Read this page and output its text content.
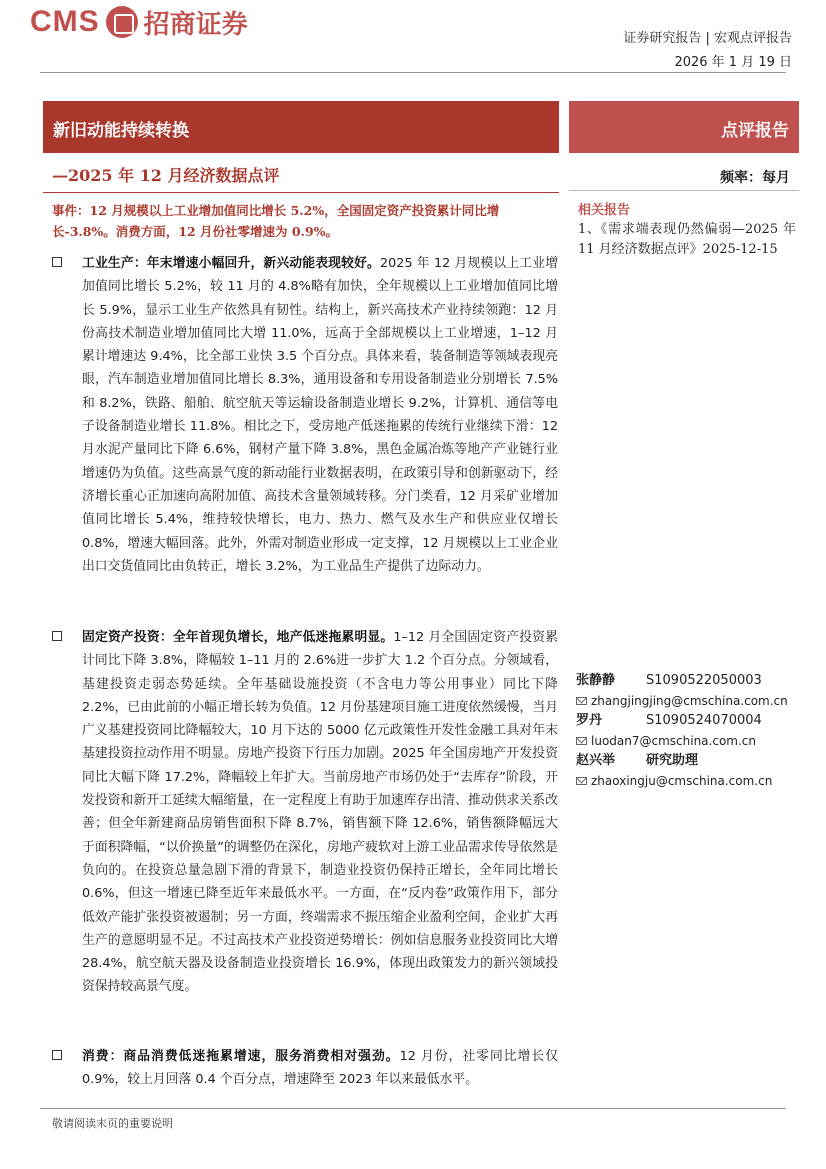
CMS 招商证券	证券研究报告 | 宏观点评报告
2026 年 1 月 19 日
新旧动能持续转换	点评报告
—2025 年 12 月经济数据点评	频率：每月
事件：12 月规模以上工业增加值同比增长 5.2%，全国固定资产投资累计同比增长-3.8%。消费方面，12 月份社零增速为 0.9%。
工业生产：年末增速小幅回升，新兴动能表现较好。2025 年 12 月规模以上工业增加值同比增长 5.2%，较 11 月的 4.8%略有加快，全年规模以上工业增加值同比增长 5.9%，显示工业生产依然具有韧性。结构上，新兴高技术产业持续领跑：12 月份高技术制造业增加值同比大增 11.0%，远高于全部规模以上工业增速，1–12 月累计增速达 9.4%，比全部工业快 3.5 个百分点。具体来看，装备制造等领域表现亮眼，汽车制造业增加值同比增长 8.3%，通用设备和专用设备制造业分别增长 7.5%和 8.2%，铁路、船舶、航空航天等运输设备制造业增长 9.2%，计算机、通信等电子设备制造业增长 11.8%。相比之下，受房地产低迷拖累的传统行业继续下滑：12 月水泥产量同比下降 6.6%，钢材产量下降 3.8%，黑色金属冶炼等地产产业链行业增速仍为负值。这些高景气度的新动能行业数据表明，在政策引导和创新驱动下，经济增长重心正加速向高附加值、高技术含量领域转移。分门类看，12 月采矿业增加值同比增长 5.4%，维持较快增长，电力、热力、燃气及水生产和供应业仅增长 0.8%，增速大幅回落。此外，外需对制造业形成一定支撑，12 月规模以上工业企业出口交货值同比由负转正，增长 3.2%，为工业品生产提供了边际动力。
固定资产投资：全年首现负增长，地产低迷拖累明显。1–12 月全国固定资产投资累计同比下降 3.8%，降幅较 1–11 月的 2.6%进一步扩大 1.2 个百分点。分领域看，基建投资走弱态势延续。全年基础设施投资（不含电力等公用事业）同比下降 2.2%，已由此前的小幅正增长转为负值。12 月份基建项目施工进度依然缓慢，当月广义基建投资同比降幅较大，10 月下达的 5000 亿元政策性开发性金融工具对年末基建投资拉动作用不明显。房地产投资下行压力加剧。2025 年全国房地产开发投资同比大幅下降 17.2%，降幅较上年扩大。当前房地产市场仍处于“去库存”阶段，开发投资和新开工延续大幅缩量，在一定程度上有助于加速库存出清、推动供求关系改善；但全年新建商品房销售面积下降 8.7%，销售额下降 12.6%，销售额降幅远大于面积降幅，“以价换量”的调整仍在深化，房地产疲软对上游工业品需求传导依然是负向的。在投资总量急剧下滑的背景下，制造业投资仍保持正增长，全年同比增长 0.6%，但这一增速已降至近年来最低水平。一方面，在“反内卷”政策作用下，部分低效产能扩张投资被遏制；另一方面，终端需求不振压缩企业盈利空间，企业扩大再生产的意愿明显不足。不过高技术产业投资逆势增长：例如信息服务业投资同比大增 28.4%，航空航天器及设备制造业投资增长 16.9%，体现出政策发力的新兴领域投资保持较高景气度。
消费：商品消费低迷拖累增速，服务消费相对强劲。12 月份，社零同比增长仅 0.9%，较上月回落 0.4 个百分点，增速降至 2023 年以来最低水平。
相关报告
1、《需求端表现仍然偏弱—2025 年 11 月经济数据点评》2025-12-15
张静静	S1090522050003
zhangjingjing@cmschina.com.cn
罗丹	S1090524070004
luodan7@cmschina.com.cn
赵兴举	研究助理
zhaoxingju@cmschina.com.cn
敬请阅读末页的重要说明
